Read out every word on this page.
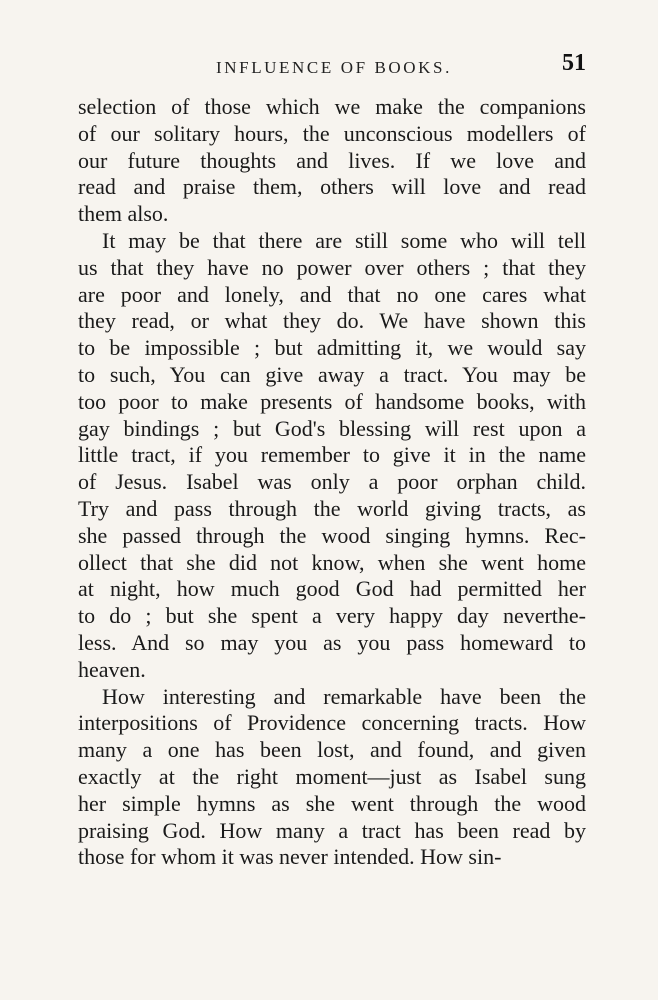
INFLUENCE OF BOOKS.	51

selection of those which we make the companions
of our solitary hours, the unconscious modellers of
our future thoughts and lives. If we love and
read and praise them, others will love and read
them also.

It may be that there are still some who will tell
us that they have no power over others ; that they
are poor and lonely, and that no one cares what
they read, or what they do. We have shown this
to be impossible ; but admitting it, we would say
to such, You can give away a tract. You may be
too poor to make presents of handsome books, with
gay bindings ; but God's blessing will rest upon a
little tract, if you remember to give it in the name
of Jesus. Isabel was only a poor orphan child.
Try and pass through the world giving tracts, as
she passed through the wood singing hymns. Rec-
ollect that she did not know, when she went home
at night, how much good God had permitted her
to do ; but she spent a very happy day neverthe-
less. And so may you as you pass homeward to
heaven.

How interesting and remarkable have been the
interpositions of Providence concerning tracts. How
many a one has been lost, and found, and given
exactly at the right moment—just as Isabel sung
her simple hymns as she went through the wood
praising God. How many a tract has been read by
those for whom it was never intended. How sin-
